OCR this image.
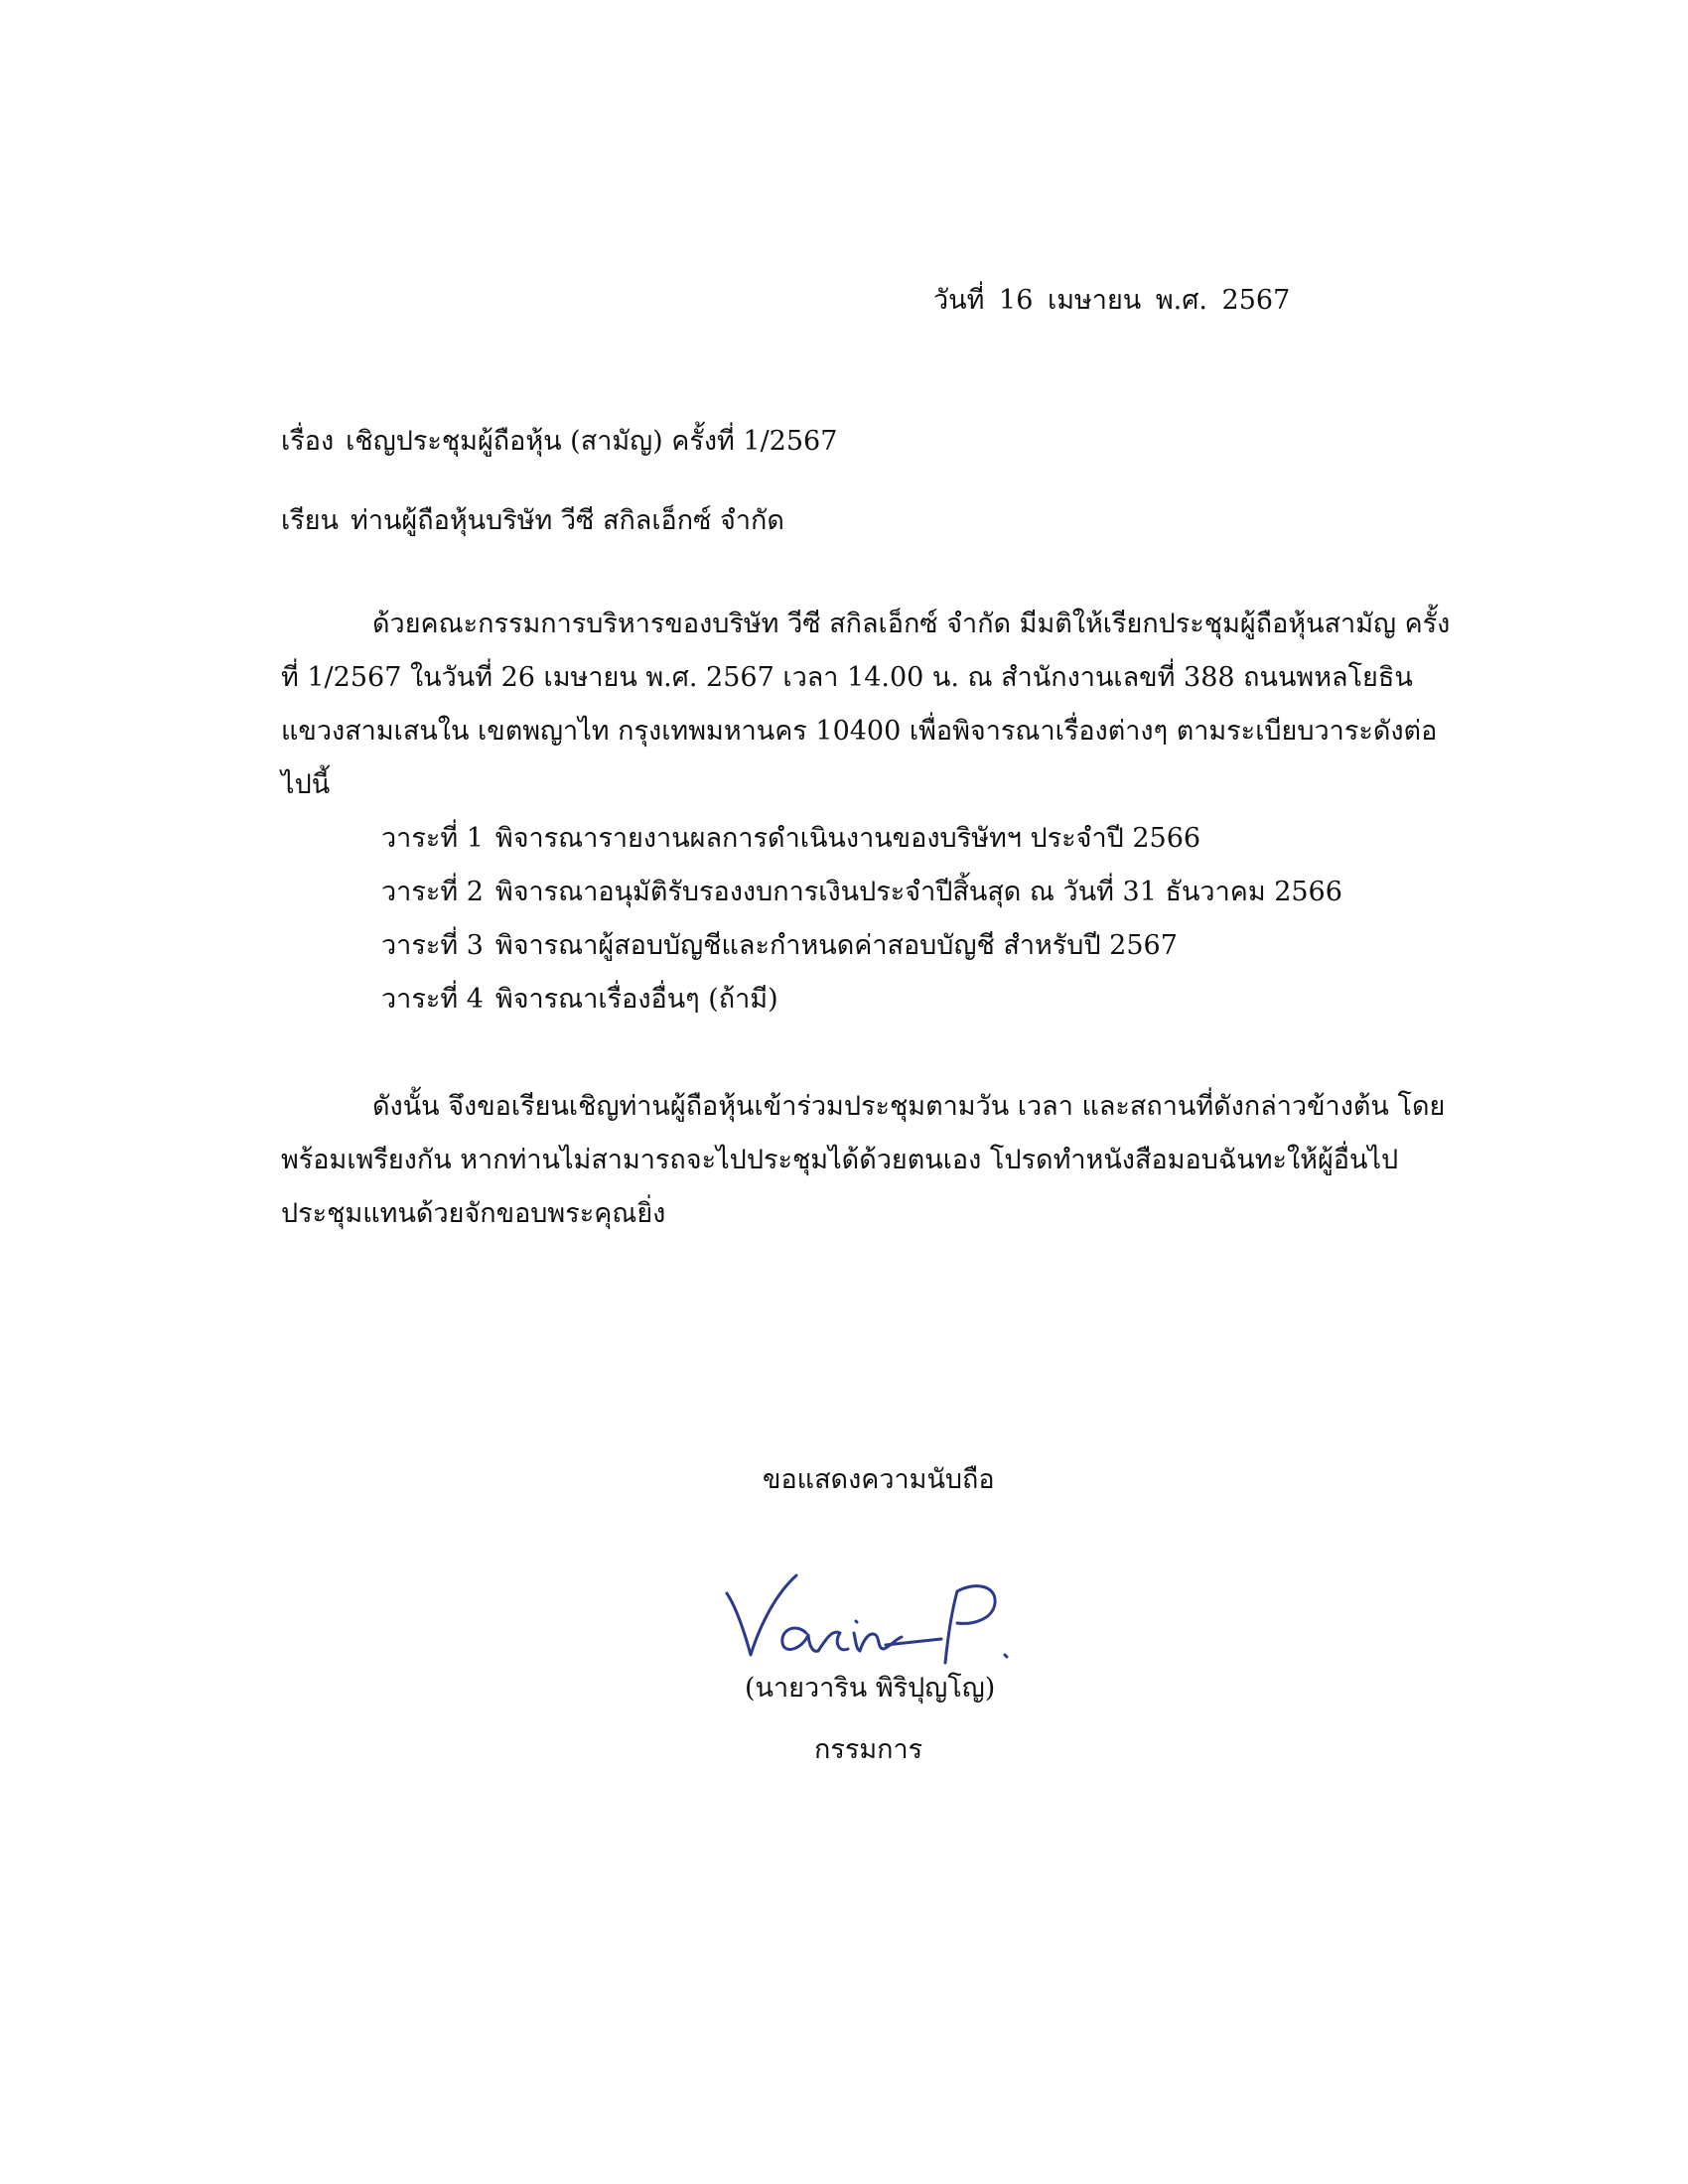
วันที่ 16 เมษายน พ.ศ. 2567
เรื่อง เชิญประชุมผู้ถือหุ้น (สามัญ) ครั้งที่ 1/2567
เรียน ท่านผู้ถือหุ้นบริษัท วีซี สกิลเอ็กซ์ จำกัด

ด้วยคณะกรรมการบริหารของบริษัท วีซี สกิลเอ็กซ์ จำกัด มีมติให้เรียกประชุมผู้ถือหุ้นสามัญ ครั้งที่ 1/2567 ในวันที่ 26 เมษายน พ.ศ. 2567 เวลา 14.00 น. ณ สำนักงานเลขที่ 388 ถนนพหลโยธิน แขวงสามเสนใน เขตพญาไท กรุงเทพมหานคร 10400 เพื่อพิจารณาเรื่องต่างๆ ตามระเบียบวาระดังต่อไปนี้

วาระที่ 1 พิจารณารายงานผลการดำเนินงานของบริษัทฯ ประจำปี 2566
วาระที่ 2 พิจารณาอนุมัติรับรองงบการเงินประจำปีสิ้นสุด ณ วันที่ 31 ธันวาคม 2566
วาระที่ 3 พิจารณาผู้สอบบัญชีและกำหนดค่าสอบบัญชี สำหรับปี 2567
วาระที่ 4 พิจารณาเรื่องอื่นๆ (ถ้ามี)

ดังนั้น จึงขอเรียนเชิญท่านผู้ถือหุ้นเข้าร่วมประชุมตามวัน เวลา และสถานที่ดังกล่าวข้างต้น โดยพร้อมเพรียงกัน หากท่านไม่สามารถจะไปประชุมได้ด้วยตนเอง โปรดทำหนังสือมอบฉันทะให้ผู้อื่นไปประชุมแทนด้วยจักขอบพระคุณยิ่ง

ขอแสดงความนับถือ
(นายวาริน พิริปุญโญ)
กรรมการ
